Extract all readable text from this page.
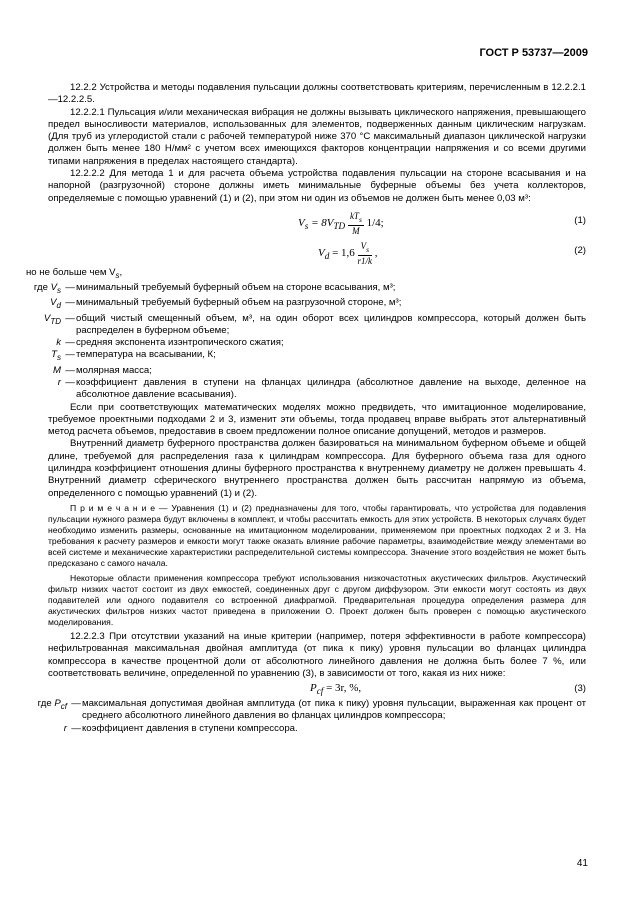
ГОСТ Р 53737—2009

12.2.2 Устройства и методы подавления пульсации должны соответствовать критериям, перечисленным в 12.2.2.1—12.2.2.5.

12.2.2.1 Пульсация и/или механическая вибрация не должны вызывать циклического напряжения, превышающего предел выносливости материалов, использованных для элементов, подверженных данным циклическим нагрузкам. (Для труб из углеродистой стали с рабочей температурой ниже 370 °С максимальный диапазон циклической нагрузки должен быть менее 180 Н/мм² с учетом всех имеющихся факторов концентрации напряжения и со всеми другими типами напряжения в пределах настоящего стандарта).

12.2.2.2 Для метода 1 и для расчета объема устройства подавления пульсации на стороне всасывания и на напорной (разгрузочной) стороне должны иметь минимальные буферные объемы без учета коллекторов, определяемые с помощью уравнений (1) и (2), при этом ни один из объемов не должен быть менее 0,03 м³:

$V_s = 8V_{TD} \frac{kT_s}{M} 1/4$;	(1)
$V_d = 1,6 \frac{V_s}{r1/k}$ ,	(2)
но не больше чем $V_s$,
где $V_s$ — минимальный требуемый буферный объем на стороне всасывания, м³;
$V_d$ — минимальный требуемый буферный объем на разгрузочной стороне, м³;
$V_{TD}$ — общий чистый смещенный объем, м³, на один оборот всех цилиндров компрессора, который должен быть распределен в буферном объеме;
k — средняя экспонента изэнтропического сжатия;
$T_s$ — температура на всасывании, К;
M — молярная масса;
r — коэффициент давления в ступени на фланцах цилиндра (абсолютное давление на выходе, деленное на абсолютное давление всасывания).

Если при соответствующих математических моделях можно предвидеть, что имитационное моделирование, требуемое проектными подходами 2 и 3, изменит эти объемы, тогда продавец вправе выбрать этот альтернативный метод расчета объемов, предоставив в своем предложении полное описание допущений, методов и размеров.

Внутренний диаметр буферного пространства должен базироваться на минимальном буферном объеме и общей длине, требуемой для распределения газа к цилиндрам компрессора. Для буферного объема газа для одного цилиндра коэффициент отношения длины буферного пространства к внутреннему диаметру не должен превышать 4. Внутренний диаметр сферического внутреннего пространства должен быть рассчитан напрямую из объема, определенного с помощью уравнений (1) и (2).

П р и м е ч а н и е — Уравнения (1) и (2) предназначены для того, чтобы гарантировать, что устройства для подавления пульсации нужного размера будут включены в комплект, и чтобы рассчитать емкость для этих устройств. В некоторых случаях будет необходимо изменить размеры, основанные на имитационном моделировании, применяемом при проектных подходах 2 и 3. На требования к расчету размеров и емкости могут также оказать влияние рабочие параметры, взаимодействие между элементами во всей системе и механические характеристики распределительной системы компрессора. Значение этого воздействия не может быть предсказано с самого начала.

Некоторые области применения компрессора требуют использования низкочастотных акустических фильтров. Акустический фильтр низких частот состоит из двух емкостей, соединенных друг с другом диффузором. Эти емкости могут состоять из двух подавителей или одного подавителя со встроенной диафрагмой. Предварительная процедура определения размера для акустических фильтров низких частот приведена в приложении О. Проект должен быть проверен с помощью акустического моделирования.

12.2.2.3 При отсутствии указаний на иные критерии (например, потеря эффективности в работе компрессора) нефильтрованная максимальная двойная амплитуда (от пика к пику) уровня пульсации во фланцах цилиндра компрессора в качестве процентной доли от абсолютного линейного давления не должна быть более 7 %, или соответствовать величине, определенной по уравнению (3), в зависимости от того, какая из них ниже:

$P_{cf} = 3r$, %,	(3)
где $P_{cf}$ — максимальная допустимая двойная амплитуда (от пика к пику) уровня пульсации, выраженная как процент от среднего абсолютного линейного давления во фланцах цилиндров компрессора;
r — коэффициент давления в ступени компрессора.
41
